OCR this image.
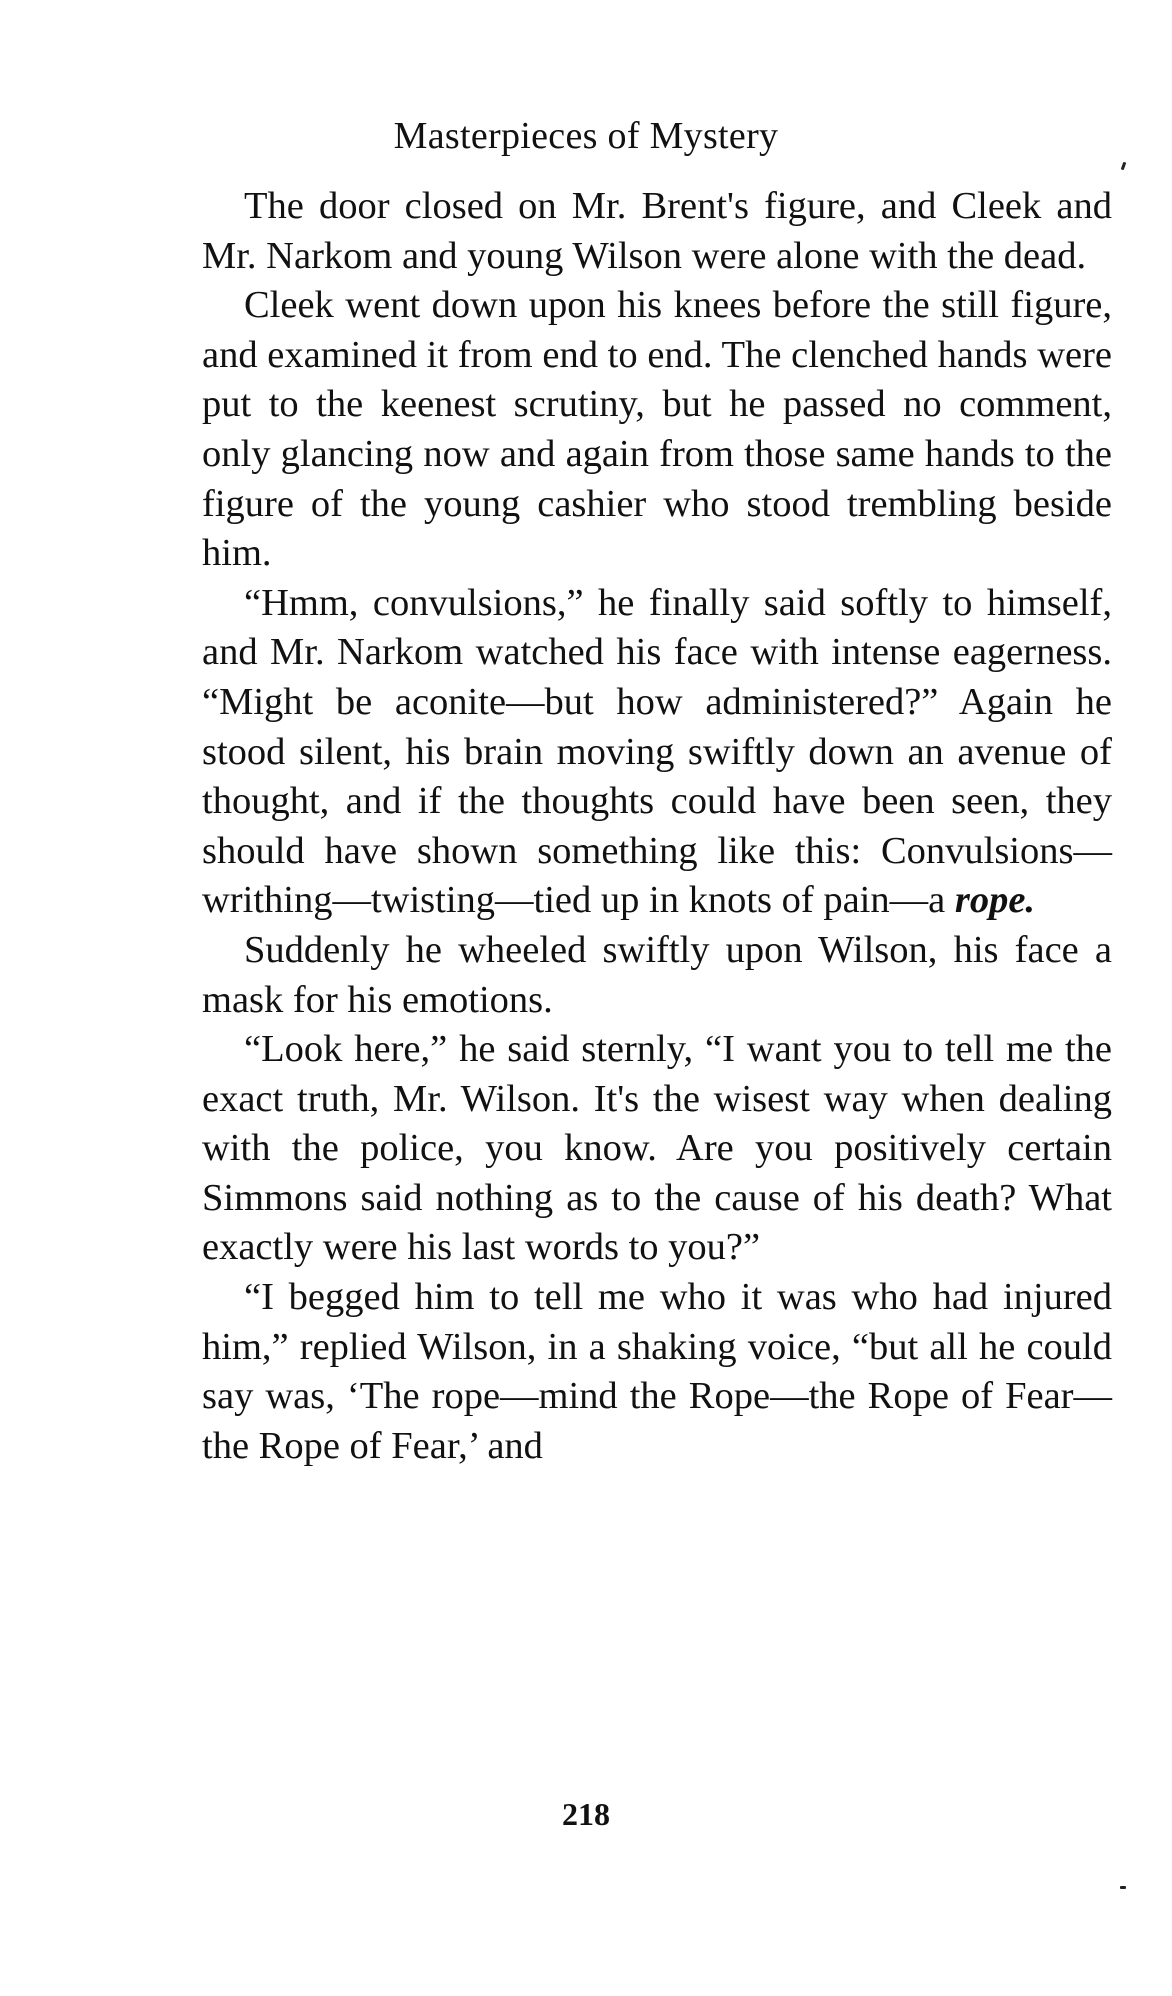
Masterpieces of Mystery

The door closed on Mr. Brent's figure, and Cleek and Mr. Narkom and young Wilson were alone with the dead.

Cleek went down upon his knees before the still figure, and examined it from end to end. The clenched hands were put to the keenest scrutiny, but he passed no comment, only glancing now and again from those same hands to the figure of the young cashier who stood trembling beside him.

“Hmm, convulsions,” he finally said softly to himself, and Mr. Narkom watched his face with intense eagerness. “Might be aconite—but how administered?” Again he stood silent, his brain moving swiftly down an avenue of thought, and if the thoughts could have been seen, they should have shown something like this: Convulsions—writhing—twisting—tied up in knots of pain—a rope.

Suddenly he wheeled swiftly upon Wilson, his face a mask for his emotions.

“Look here,” he said sternly, “I want you to tell me the exact truth, Mr. Wilson. It's the wisest way when dealing with the police, you know. Are you positively certain Simmons said nothing as to the cause of his death? What exactly were his last words to you?”

“I begged him to tell me who it was who had injured him,” replied Wilson, in a shaking voice, “but all he could say was, ‘The rope—mind the Rope—the Rope of Fear—the Rope of Fear,’ and

218
